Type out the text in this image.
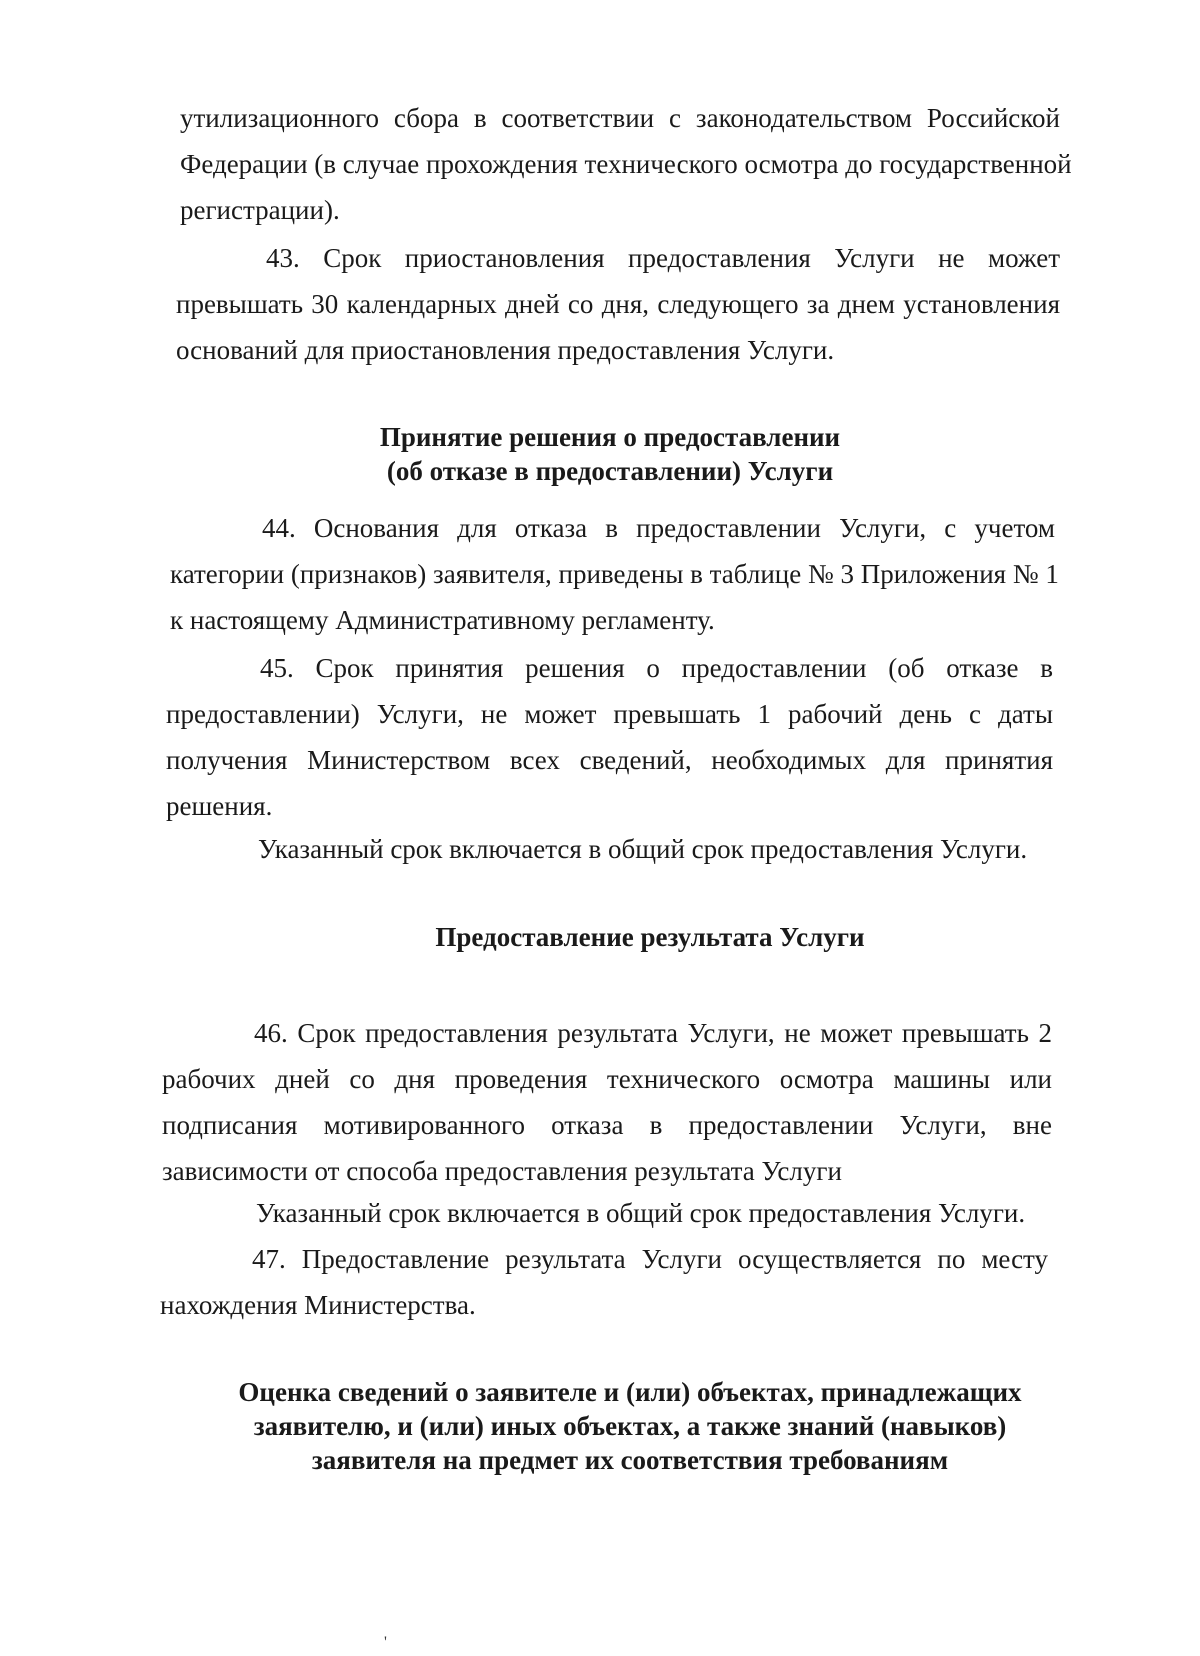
утилизационного сбора в соответствии с законодательством Российской
Федерации (в случае прохождения технического осмотра до государственной
регистрации).
43. Срок приостановления предоставления Услуги не может
превышать 30 календарных дней со дня, следующего за днем установления
оснований для приостановления предоставления Услуги.
Принятие решения о предоставлении
(об отказе в предоставлении) Услуги
44. Основания для отказа в предоставлении Услуги, с учетом
категории (признаков) заявителя, приведены в таблице № 3 Приложения № 1
к настоящему Административному регламенту.
45. Срок принятия решения о предоставлении (об отказе в
предоставлении) Услуги, не может превышать 1 рабочий день с даты
получения Министерством всех сведений, необходимых для принятия
решения.
Указанный срок включается в общий срок предоставления Услуги.
Предоставление результата Услуги
46. Срок предоставления результата Услуги, не может превышать 2
рабочих дней со дня проведения технического осмотра машины или
подписания мотивированного отказа в предоставлении Услуги, вне
зависимости от способа предоставления результата Услуги
Указанный срок включается в общий срок предоставления Услуги.
47. Предоставление результата Услуги осуществляется по месту
нахождения Министерства.
Оценка сведений о заявителе и (или) объектах, принадлежащих
заявителю, и (или) иных объектах, а также знаний (навыков)
заявителя на предмет их соответствия требованиям
'
